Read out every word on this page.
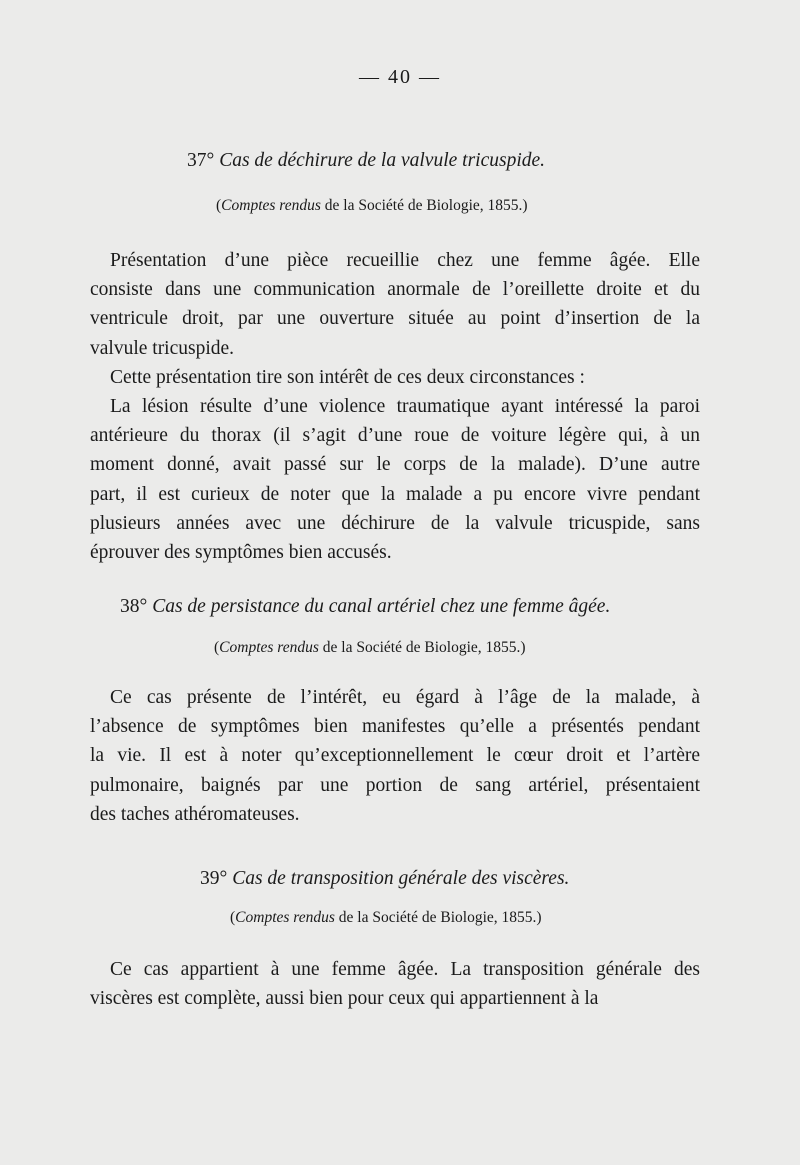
— 40 —
37° Cas de déchirure de la valvule tricuspide.
(Comptes rendus de la Société de Biologie, 1855.)

Présentation d’une pièce recueillie chez une femme âgée. Elle
consiste dans une communication anormale de l’oreillette droite et du
ventricule droit, par une ouverture située au point d’insertion de la
valvule tricuspide.

Cette présentation tire son intérêt de ces deux circonstances :

La lésion résulte d’une violence traumatique ayant intéressé la paroi
antérieure du thorax (il s’agit d’une roue de voiture légère qui, à un
moment donné, avait passé sur le corps de la malade). D’une autre
part, il est curieux de noter que la malade a pu encore vivre pendant
plusieurs années avec une déchirure de la valvule tricuspide, sans
éprouver des symptômes bien accusés.

38° Cas de persistance du canal artériel chez une femme âgée.
(Comptes rendus de la Société de Biologie, 1855.)

Ce cas présente de l’intérêt, eu égard à l’âge de la malade, à
l’absence de symptômes bien manifestes qu’elle a présentés pendant
la vie. Il est à noter qu’exceptionnellement le cœur droit et l’artère
pulmonaire, baignés par une portion de sang artériel, présentaient
des taches athéromateuses.

39° Cas de transposition générale des viscères.
(Comptes rendus de la Société de Biologie, 1855.)

Ce cas appartient à une femme âgée. La transposition générale des
viscères est complète, aussi bien pour ceux qui appartiennent à la
